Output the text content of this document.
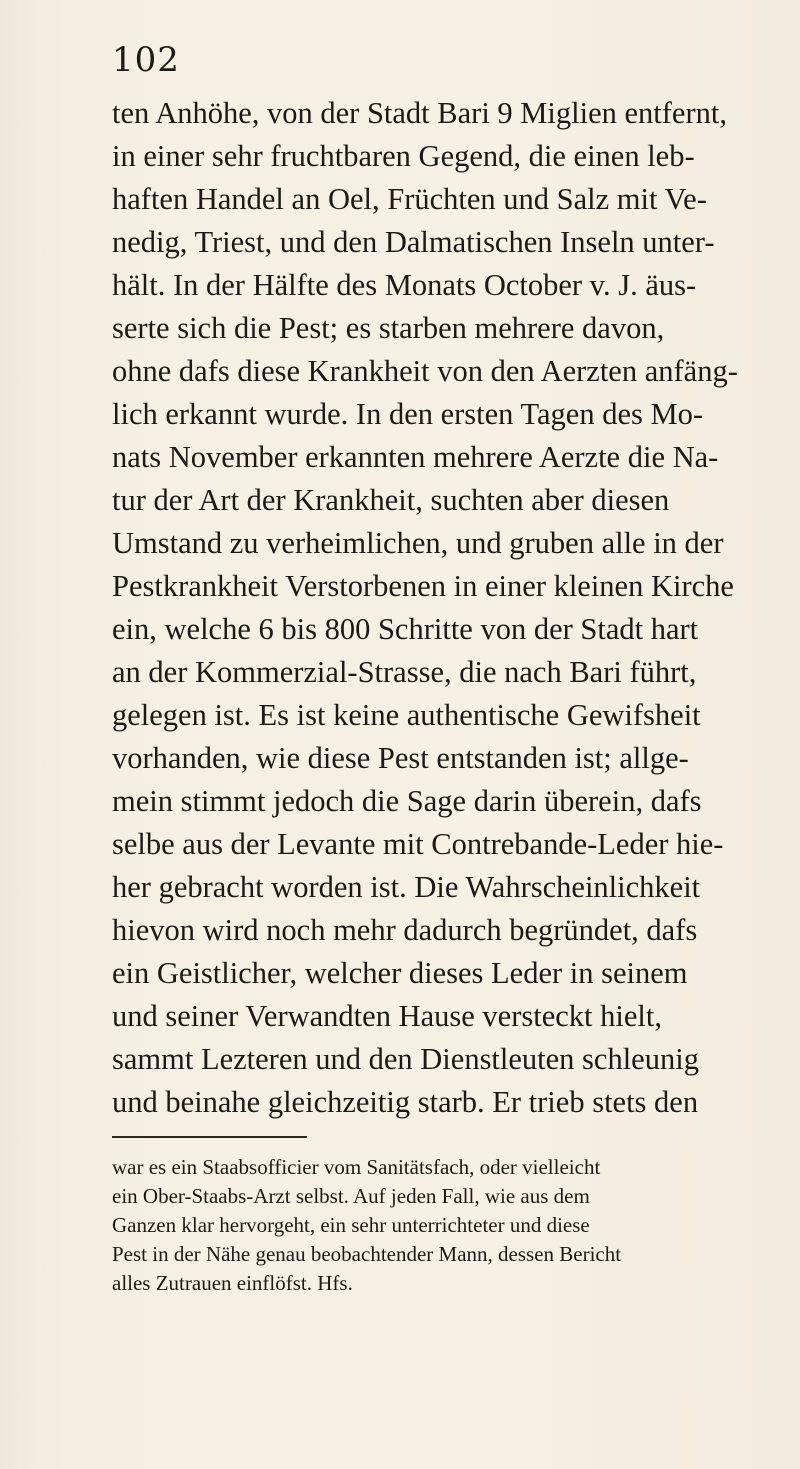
102
ten Anhöhe, von der Stadt Bari 9 Miglien entfernt,
in einer sehr fruchtbaren Gegend, die einen leb-
haften Handel an Oel, Früchten und Salz mit Ve-
nedig, Triest, und den Dalmatischen Inseln unter-
hält. In der Hälfte des Monats October v. J. äus-
serte sich die Pest; es starben mehrere davon,
ohne dafs diese Krankheit von den Aerzten anfäng-
lich erkannt wurde. In den ersten Tagen des Mo-
nats November erkannten mehrere Aerzte die Na-
tur der Art der Krankheit, suchten aber diesen
Umstand zu verheimlichen, und gruben alle in der
Pestkrankheit Verstorbenen in einer kleinen Kirche
ein, welche 6 bis 800 Schritte von der Stadt hart
an der Kommerzial-Strasse, die nach Bari führt,
gelegen ist. Es ist keine authentische Gewifsheit
vorhanden, wie diese Pest entstanden ist; allge-
mein stimmt jedoch die Sage darin überein, dafs
selbe aus der Levante mit Contrebande-Leder hie-
her gebracht worden ist. Die Wahrscheinlichkeit
hievon wird noch mehr dadurch begründet, dafs
ein Geistlicher, welcher dieses Leder in seinem
und seiner Verwandten Hause versteckt hielt,
sammt Lezteren und den Dienstleuten schleunig
und beinahe gleichzeitig starb. Er trieb stets den
war es ein Staabsofficier vom Sanitätsfach, oder vielleicht
ein Ober-Staabs-Arzt selbst. Auf jeden Fall, wie aus dem
Ganzen klar hervorgeht, ein sehr unterrichteter und diese
Pest in der Nähe genau beobachtender Mann, dessen Bericht
alles Zutrauen einflöfst. Hfs.
